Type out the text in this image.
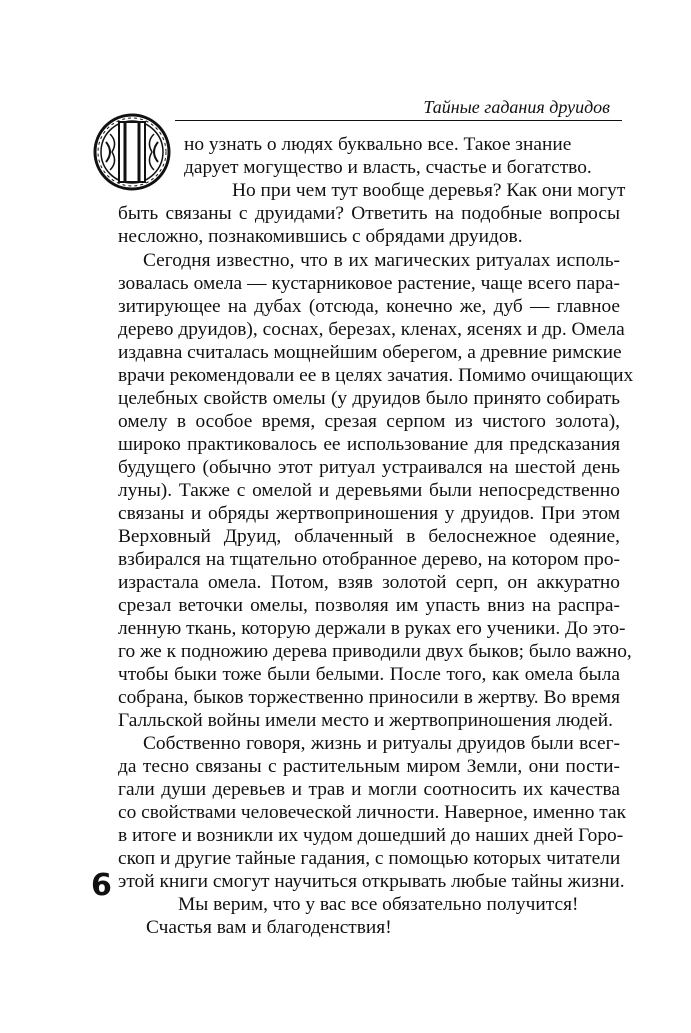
Тайные гадания друидов
6
но узнать о людях буквально все. Такое знание
дарует могущество и власть, счастье и богатство.
Но при чем тут вообще деревья? Как они могут
быть связаны с друидами? Ответить на подобные вопросы
несложно, познакомившись с обрядами друидов.
Сегодня известно, что в их магических ритуалах исполь-
зовалась омела — кустарниковое растение, чаще всего пара-
зитирующее на дубах (отсюда, конечно же, дуб — главное
дерево друидов), соснах, березах, кленах, ясенях и др. Омела
издавна считалась мощнейшим оберегом, а древние римские
врачи рекомендовали ее в целях зачатия. Помимо очищающих
целебных свойств омелы (у друидов было принято собирать
омелу в особое время, срезая серпом из чистого золота),
широко практиковалось ее использование для предсказания
будущего (обычно этот ритуал устраивался на шестой день
луны). Также с омелой и деревьями были непосредственно
связаны и обряды жертвоприношения у друидов. При этом
Верховный Друид, облаченный в белоснежное одеяние,
взбирался на тщательно отобранное дерево, на котором про-
израстала омела. Потом, взяв золотой серп, он аккуратно
срезал веточки омелы, позволяя им упасть вниз на распрa-
ленную ткань, которую держали в руках его ученики. До это-
го же к подножию дерева приводили двух быков; было важно,
чтобы быки тоже были белыми. После того, как омела была
собрана, быков торжественно приносили в жертву. Во время
Галльской войны имели место и жертвоприношения людей.
Собственно говоря, жизнь и ритуалы друидов были всег-
да тесно связаны с растительным миром Земли, они пости-
гали души деревьев и трав и могли соотносить их качества
со свойствами человеческой личности. Наверное, именно так
в итоге и возникли их чудом дошедший до наших дней Горо-
скоп и другие тайные гадания, с помощью которых читатели
этой книги смогут научиться открывать любые тайны жизни.
Мы верим, что у вас все обязательно получится!
Счастья вам и благоденствия!
